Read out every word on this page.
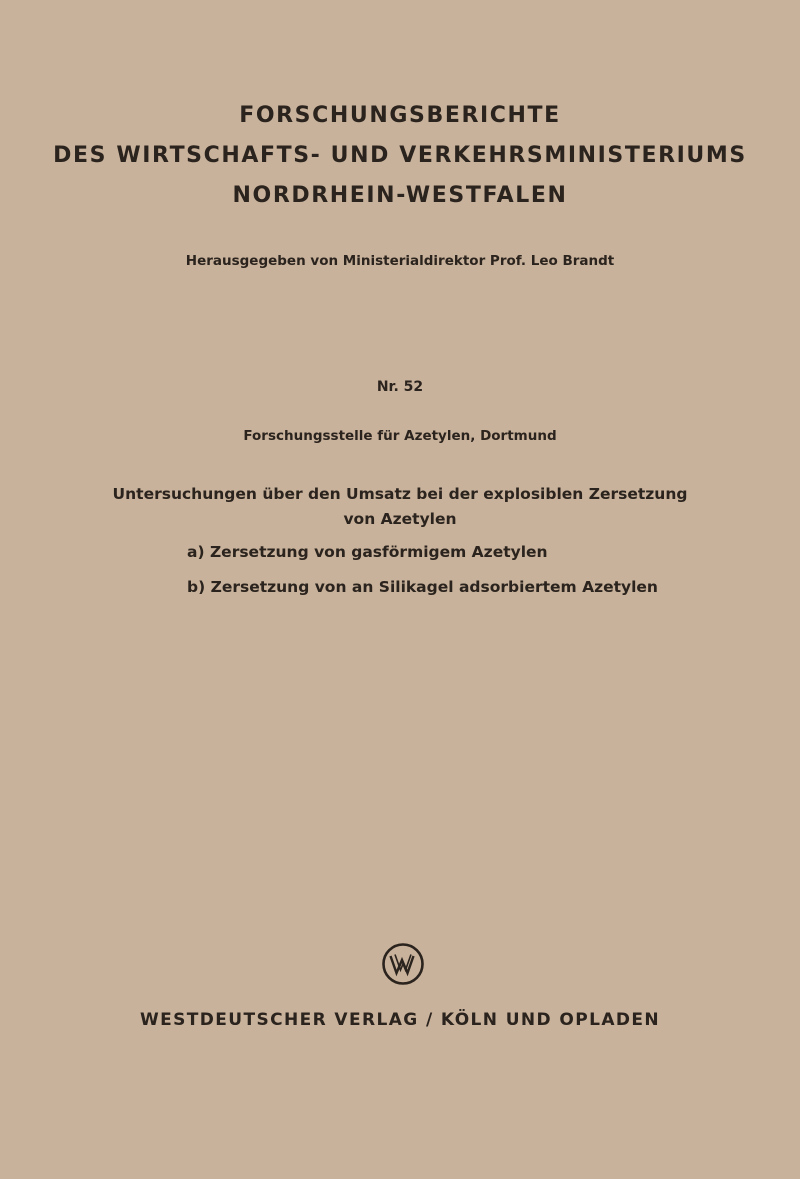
FORSCHUNGSBERICHTE
DES WIRTSCHAFTS- UND VERKEHRSMINISTERIUMS
NORDRHEIN-WESTFALEN
Herausgegeben von Ministerialdirektor Prof. Leo Brandt
Nr. 52
Forschungsstelle für Azetylen, Dortmund
Untersuchungen über den Umsatz bei der explosiblen Zersetzung
von Azetylen
a) Zersetzung von gasförmigem Azetylen
b) Zersetzung von an Silikagel adsorbiertem Azetylen
WESTDEUTSCHER VERLAG / KÖLN UND OPLADEN
